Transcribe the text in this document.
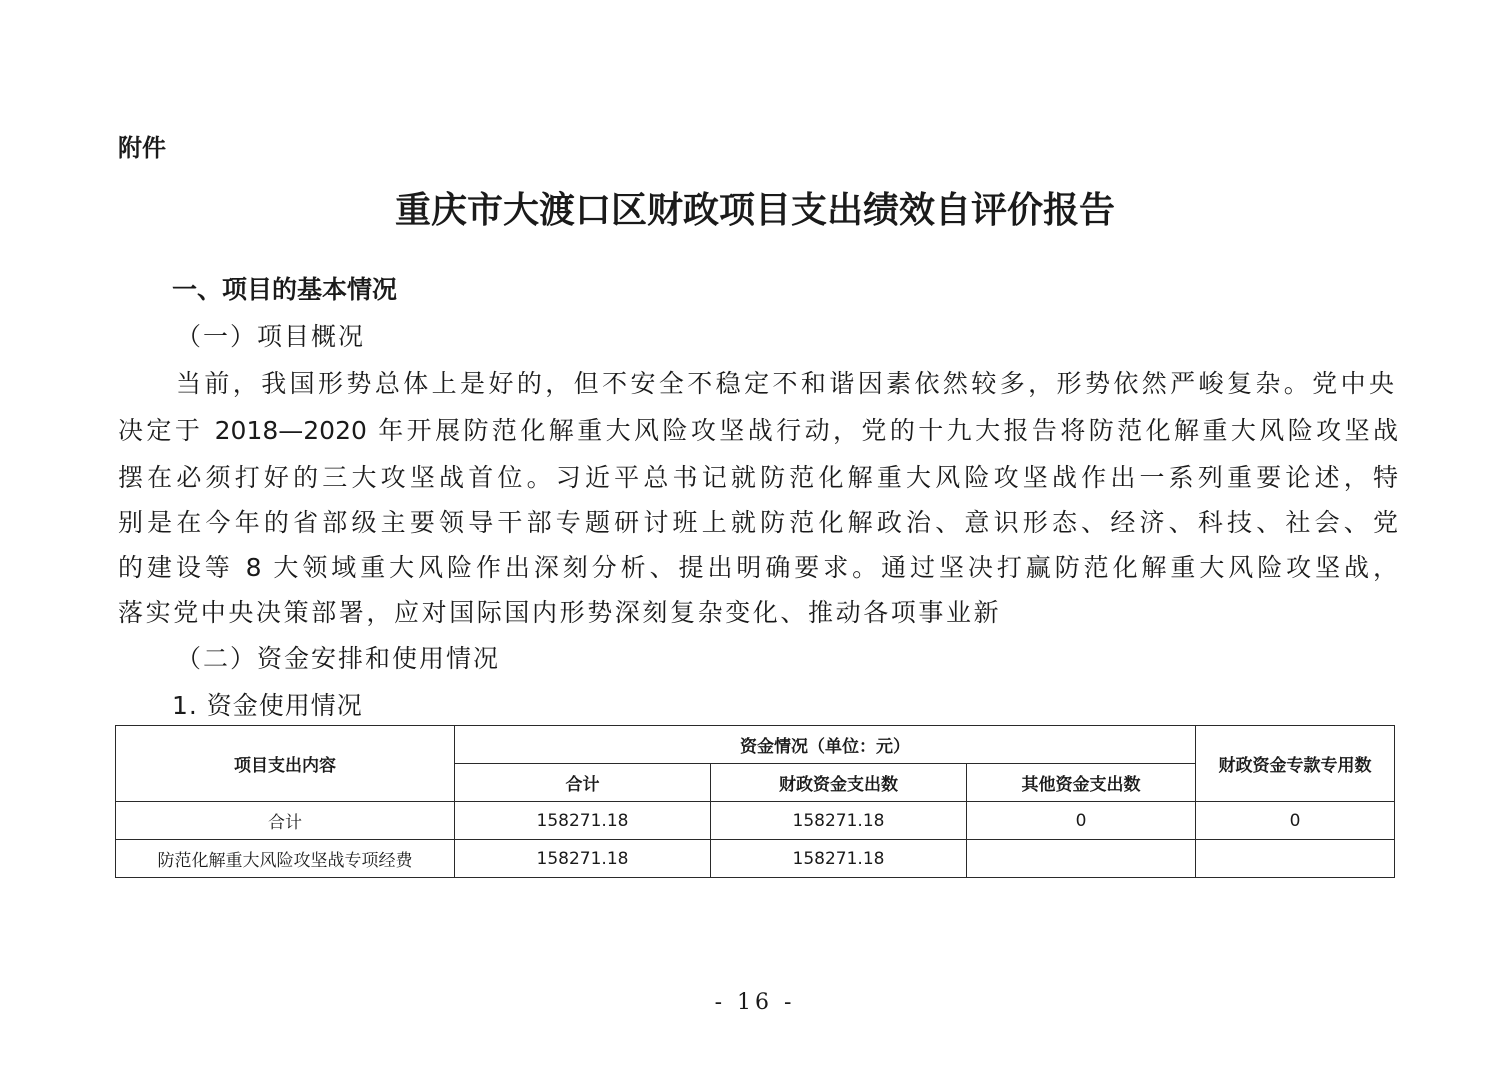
附件
重庆市大渡口区财政项目支出绩效自评价报告
一、项目的基本情况
（一）项目概况
当前，我国形势总体上是好的，但不安全不稳定不和谐因素依然较多，形势依然严峻复杂。党中央
决定于 2018—2020 年开展防范化解重大风险攻坚战行动，党的十九大报告将防范化解重大风险攻坚战
摆在必须打好的三大攻坚战首位。习近平总书记就防范化解重大风险攻坚战作出一系列重要论述，特
别是在今年的省部级主要领导干部专题研讨班上就防范化解政治、意识形态、经济、科技、社会、党
的建设等 8 大领域重大风险作出深刻分析、提出明确要求。通过坚决打赢防范化解重大风险攻坚战，
落实党中央决策部署，应对国际国内形势深刻复杂变化、推动各项事业新
（二）资金安排和使用情况
1. 资金使用情况
项目支出内容	资金情况（单位：元）			财政资金专款专用数
	合计	财政资金支出数	其他资金支出数	
合计	158271.18	158271.18	0	0
防范化解重大风险攻坚战专项经费	158271.18	158271.18		
- 16 -
